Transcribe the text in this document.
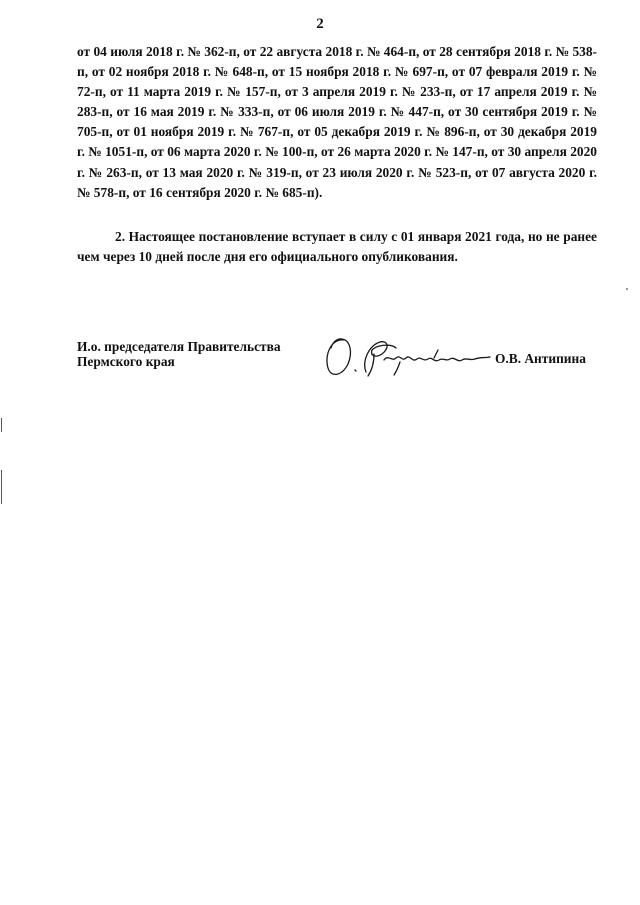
2

от 04 июля 2018 г. № 362-п, от 22 августа 2018 г. № 464-п, от 28 сентября 2018 г. № 538-п, от 02 ноября 2018 г. № 648-п, от 15 ноября 2018 г. № 697-п, от 07 февраля 2019 г. № 72-п, от 11 марта 2019 г. № 157-п, от 3 апреля 2019 г. № 233-п, от 17 апреля 2019 г. № 283-п, от 16 мая 2019 г. № 333-п, от 06 июля 2019 г. № 447-п, от 30 сентября 2019 г. № 705-п, от 01 ноября 2019 г. № 767-п, от 05 декабря 2019 г. № 896-п, от 30 декабря 2019 г. № 1051-п, от 06 марта 2020 г. № 100-п, от 26 марта 2020 г. № 147-п, от 30 апреля 2020 г. № 263-п, от 13 мая 2020 г. № 319-п, от 23 июля 2020 г. № 523-п, от 07 августа 2020 г. № 578-п, от 16 сентября 2020 г. № 685-п).

2. Настоящее постановление вступает в силу с 01 января 2021 года, но не ранее чем через 10 дней после дня его официального опубликования.

И.о. председателя Правительства
Пермского края	О.В. Антипина
